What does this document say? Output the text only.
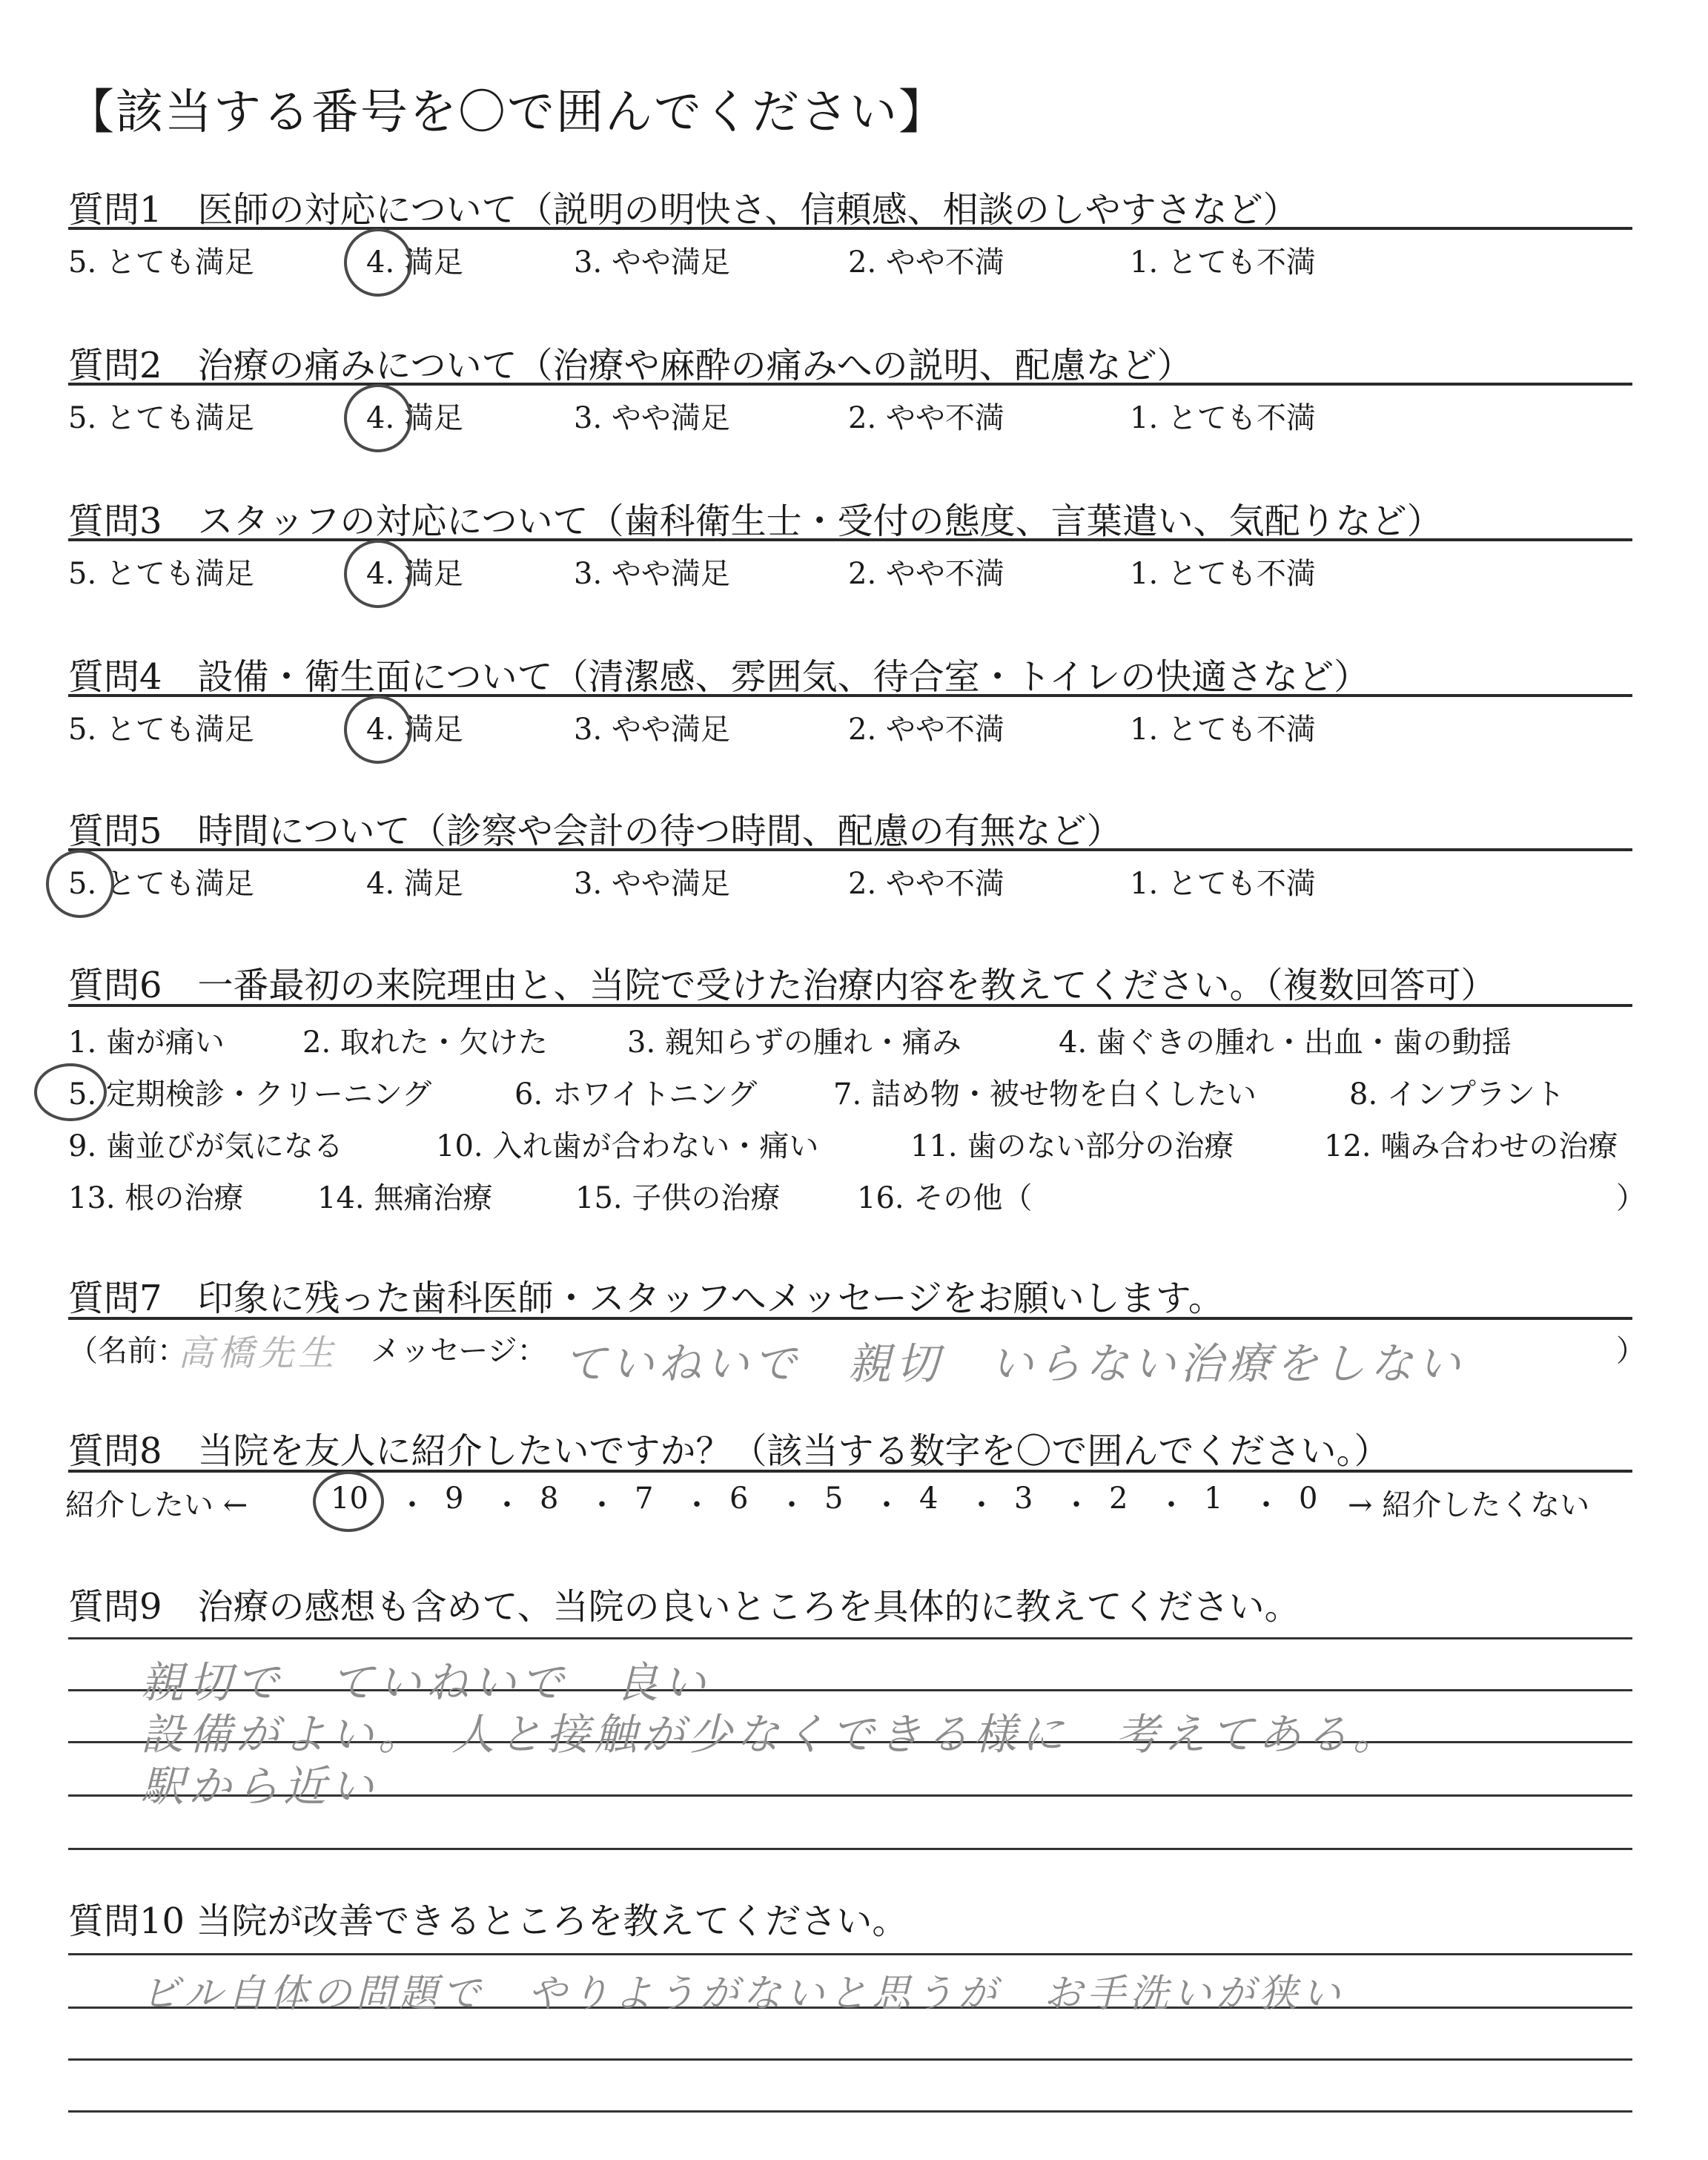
【該当する番号を〇で囲んでください】
質問1　医師の対応について（説明の明快さ、信頼感、相談のしやすさなど）
5. とても満足	4. 満足	3. やや満足	2. やや不満	1. とても不満
質問2　治療の痛みについて（治療や麻酔の痛みへの説明、配慮など）
5. とても満足	4. 満足	3. やや満足	2. やや不満	1. とても不満
質問3　スタッフの対応について（歯科衛生士・受付の態度、言葉遣い、気配りなど）
5. とても満足	4. 満足	3. やや満足	2. やや不満	1. とても不満
質問4　設備・衛生面について（清潔感、雰囲気、待合室・トイレの快適さなど）
5. とても満足	4. 満足	3. やや満足	2. やや不満	1. とても不満
質問5　時間について（診察や会計の待つ時間、配慮の有無など）
5. とても満足	4. 満足	3. やや満足	2. やや不満	1. とても不満
質問6　一番最初の来院理由と、当院で受けた治療内容を教えてください。（複数回答可）
1. 歯が痛い	2. 取れた・欠けた	3. 親知らずの腫れ・痛み	4. 歯ぐきの腫れ・出血・歯の動揺
5. 定期検診・クリーニング	6. ホワイトニング	7. 詰め物・被せ物を白くしたい	8. インプラント
9. 歯並びが気になる	10. 入れ歯が合わない・痛い	11. 歯のない部分の治療	12. 噛み合わせの治療
13. 根の治療 14. 無痛治療	15. 子供の治療	16. その他（	）
質問7　印象に残った歯科医師・スタッフへメッセージをお願いします。
（名前：
高橋先生 メッセージ： ていねいで　親切　いらない治療をしない	）
質問8　当院を友人に紹介したいですか？（該当する数字を〇で囲んでください。）
紹介したい ←	10 ・ 9 ・ 8 ・ 7 ・ 6 ・ 5 ・ 4 ・ 3 ・ 2 ・ 1 ・ 0 → 紹介したくない
質問9　治療の感想も含めて、当院の良いところを具体的に教えてください。
親切で　ていねいで　良い
設備がよい。　人と接触が少なくできる様に　考えてある。
駅から近い
質問10 当院が改善できるところを教えてください。
ビル自体の問題で　やりようがないと思うが　お手洗いが狭い
